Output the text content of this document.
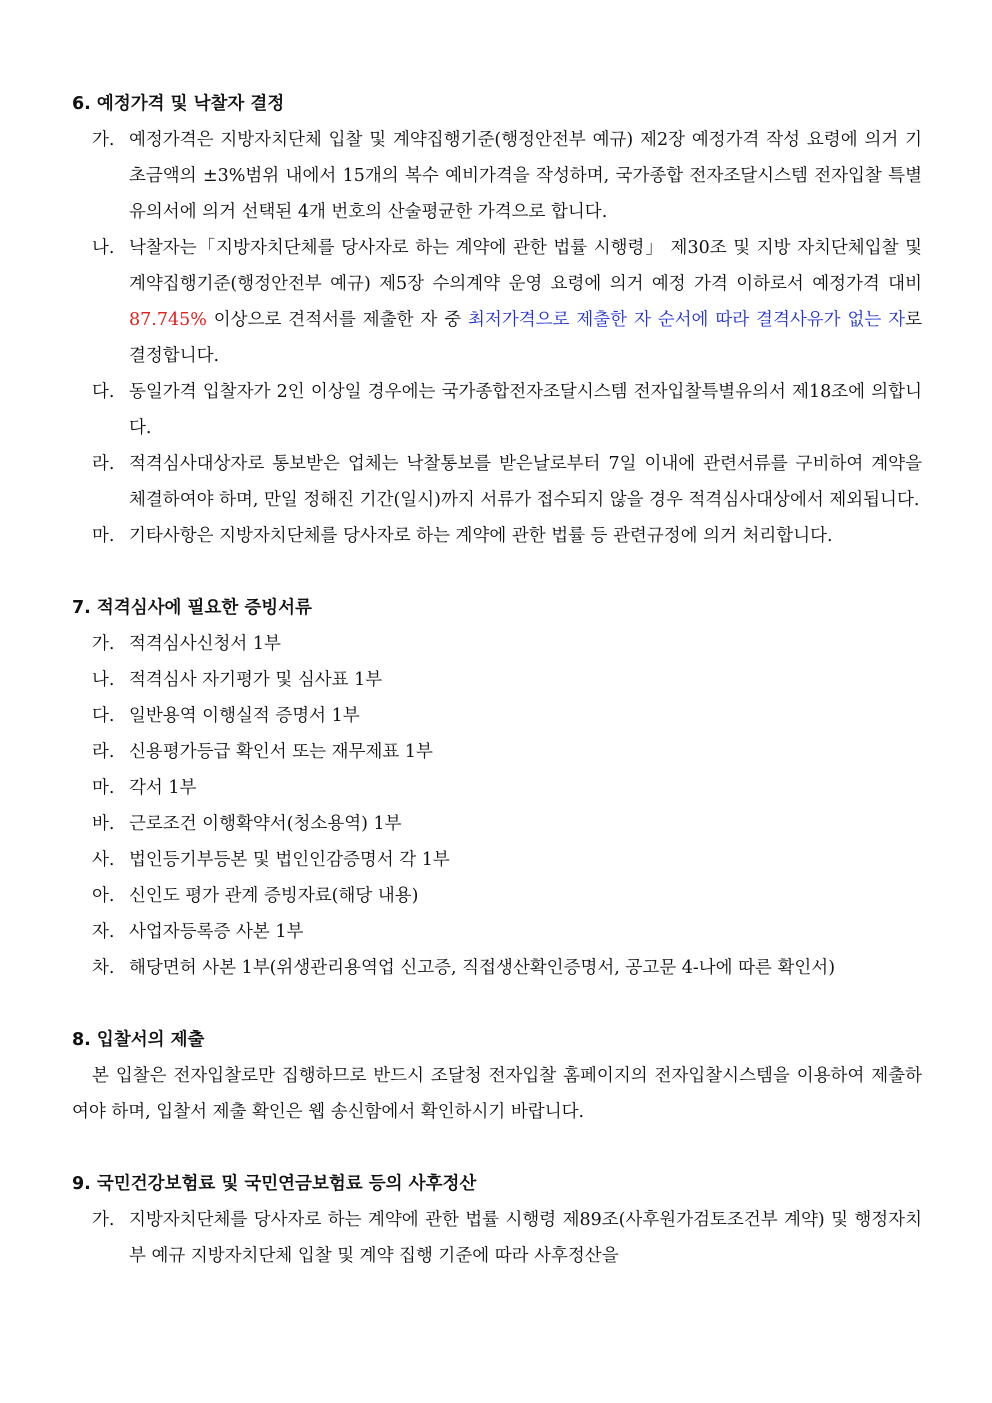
6. 예정가격 및 낙찰자 결정
가. 예정가격은 지방자치단체 입찰 및 계약집행기준(행정안전부 예규) 제2장 예정가격 작성 요령에 의거 기초금액의 ±3%범위 내에서 15개의 복수 예비가격을 작성하며, 국가종합 전자조달시스템 전자입찰 특별유의서에 의거 선택된 4개 번호의 산술평균한 가격으로 합니다.
나. 낙찰자는「지방자치단체를 당사자로 하는 계약에 관한 법률 시행령」 제30조 및 지방 자치단체입찰 및 계약집행기준(행정안전부 예규) 제5장 수의계약 운영 요령에 의거 예정 가격 이하로서 예정가격 대비 87.745% 이상으로 견적서를 제출한 자 중 최저가격으로 제출한 자 순서에 따라 결격사유가 없는 자로 결정합니다.
다. 동일가격 입찰자가 2인 이상일 경우에는 국가종합전자조달시스템 전자입찰특별유의서 제18조에 의합니다.
라. 적격심사대상자로 통보받은 업체는 낙찰통보를 받은날로부터 7일 이내에 관련서류를 구비하여 계약을 체결하여야 하며, 만일 정해진 기간(일시)까지 서류가 접수되지 않을 경우 적격심사대상에서 제외됩니다.
마. 기타사항은 지방자치단체를 당사자로 하는 계약에 관한 법률 등 관련규정에 의거 처리합니다.
7. 적격심사에 필요한 증빙서류
가. 적격심사신청서 1부
나. 적격심사 자기평가 및 심사표 1부
다. 일반용역 이행실적 증명서 1부
라. 신용평가등급 확인서 또는 재무제표 1부
마. 각서 1부
바. 근로조건 이행확약서(청소용역) 1부
사. 법인등기부등본 및 법인인감증명서 각 1부
아. 신인도 평가 관계 증빙자료(해당 내용)
자. 사업자등록증 사본 1부
차. 해당면허 사본 1부(위생관리용역업 신고증, 직접생산확인증명서, 공고문 4-나에 따른 확인서)
8. 입찰서의 제출
본 입찰은 전자입찰로만 집행하므로 반드시 조달청 전자입찰 홈페이지의 전자입찰시스템을 이용하여 제출하여야 하며, 입찰서 제출 확인은 웹 송신함에서 확인하시기 바랍니다.
9. 국민건강보험료 및 국민연금보험료 등의 사후정산
가. 지방자치단체를 당사자로 하는 계약에 관한 법률 시행령 제89조(사후원가검토조건부 계약) 및 행정자치부 예규 지방자치단체 입찰 및 계약 집행 기준에 따라 사후정산을
